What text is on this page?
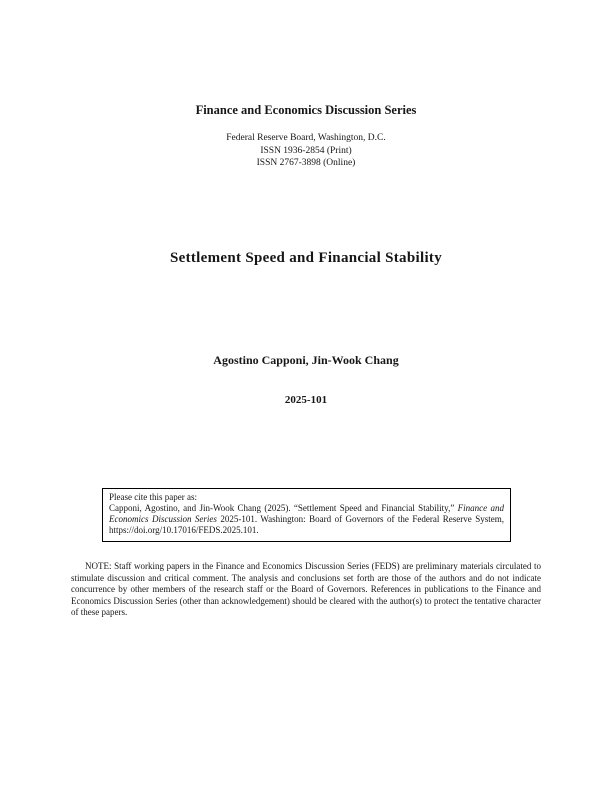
Finance and Economics Discussion Series
Federal Reserve Board, Washington, D.C.
ISSN 1936-2854 (Print)
ISSN 2767-3898 (Online)
Settlement Speed and Financial Stability
Agostino Capponi, Jin-Wook Chang
2025-101
Please cite this paper as:
Capponi, Agostino, and Jin-Wook Chang (2025). “Settlement Speed and Financial Stability,” Finance and Economics Discussion Series 2025-101. Washington: Board of Governors of the Federal Reserve System, https://doi.org/10.17016/FEDS.2025.101.
NOTE: Staff working papers in the Finance and Economics Discussion Series (FEDS) are preliminary materials circulated to stimulate discussion and critical comment. The analysis and conclusions set forth are those of the authors and do not indicate concurrence by other members of the research staff or the Board of Governors. References in publications to the Finance and Economics Discussion Series (other than acknowledgement) should be cleared with the author(s) to protect the tentative character of these papers.
